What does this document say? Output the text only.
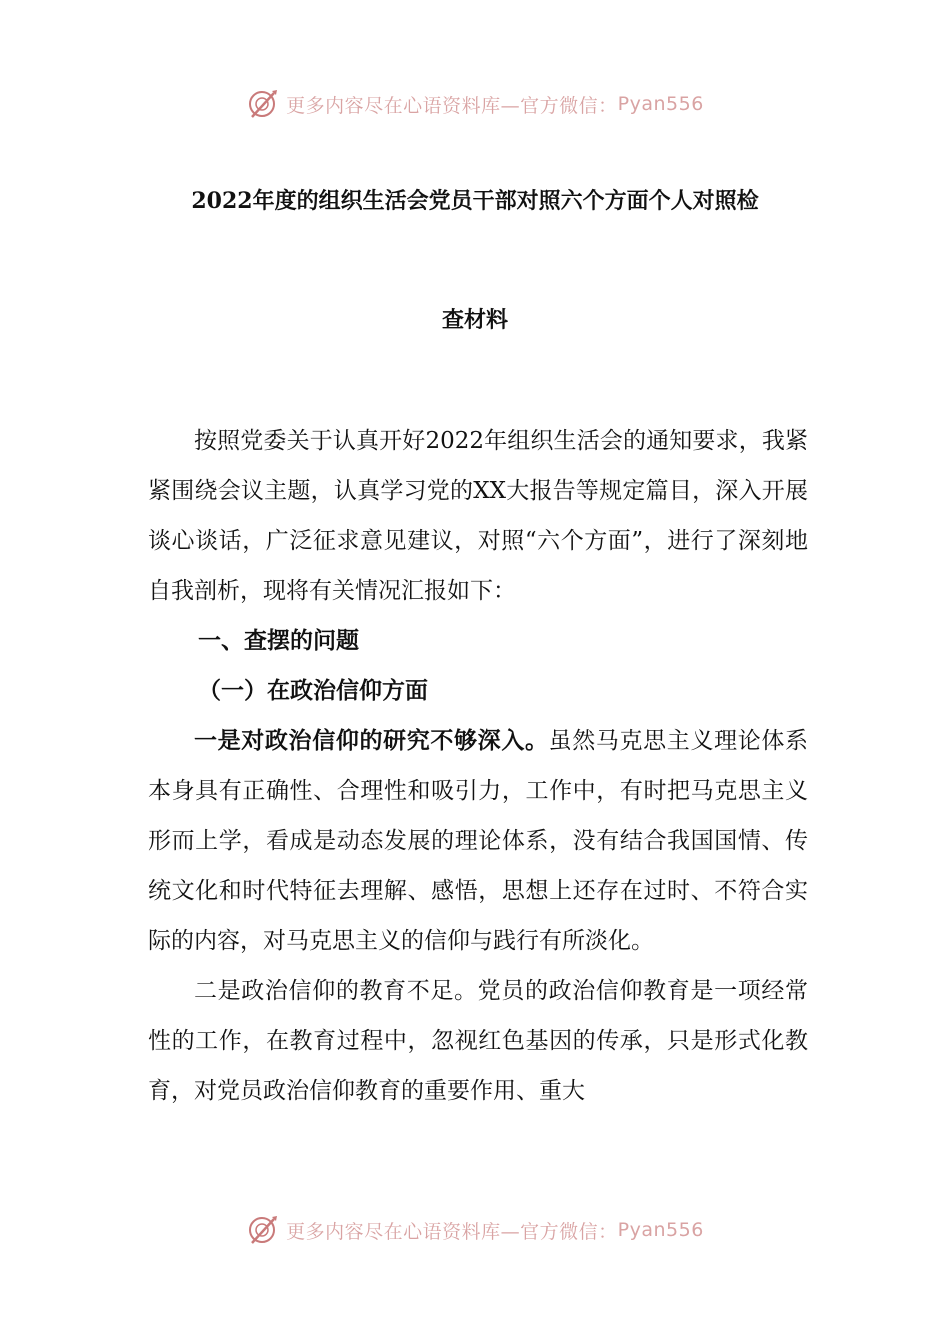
更多内容尽在心语资料库—官方微信： Pyan556
2022年度的组织生活会党员干部对照六个方面个人对照检
查材料

按照党委关于认真开好2022年组织生活会的通知要求，我紧紧围绕会议主题，认真学习党的XX大报告等规定篇目，深入开展谈心谈话，广泛征求意见建议，对照“六个方面”，进行了深刻地自我剖析，现将有关情况汇报如下：

一、查摆的问题

（一）在政治信仰方面

一是对政治信仰的研究不够深入。虽然马克思主义理论体系本身具有正确性、合理性和吸引力，工作中，有时把马克思主义形而上学，看成是动态发展的理论体系，没有结合我国国情、传统文化和时代特征去理解、感悟，思想上还存在过时、不符合实际的内容，对马克思主义的信仰与践行有所淡化。

二是政治信仰的教育不足。党员的政治信仰教育是一项经常性的工作，在教育过程中，忽视红色基因的传承，只是形式化教育，对党员政治信仰教育的重要作用、重大

更多内容尽在心语资料库—官方微信： Pyan556
